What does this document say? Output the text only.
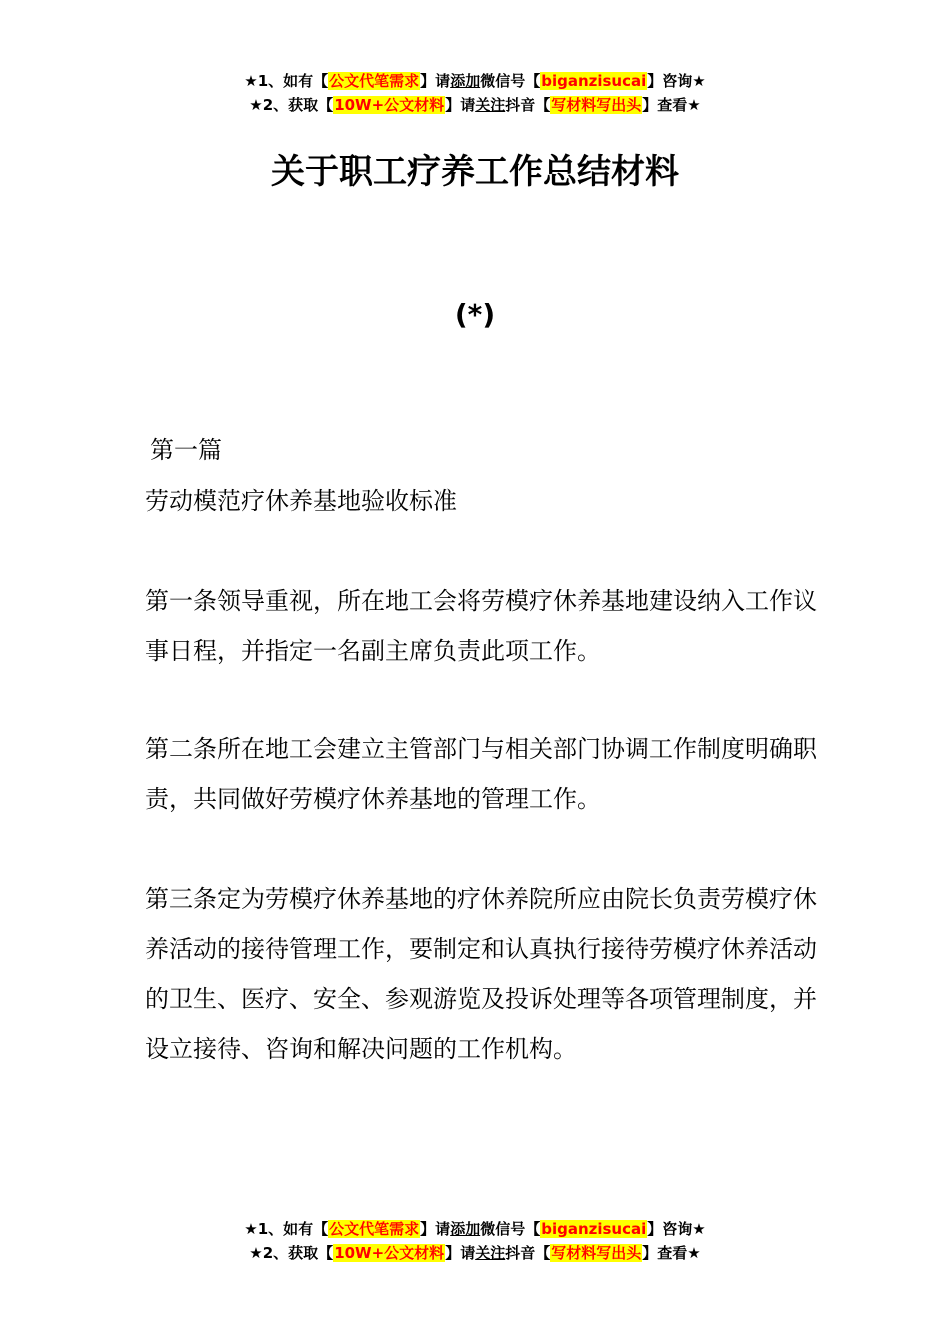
★1、如有【公文代笔需求】请添加微信号【biganzisucai】咨询★
★2、获取【10W+公文材料】请关注抖音【写材料写出头】查看★
关于职工疗养工作总结材料
(*)
第一篇
劳动模范疗休养基地验收标准

第一条领导重视，所在地工会将劳模疗休养基地建设纳入工作议事日程，并指定一名副主席负责此项工作。

第二条所在地工会建立主管部门与相关部门协调工作制度明确职责，共同做好劳模疗休养基地的管理工作。

第三条定为劳模疗休养基地的疗休养院所应由院长负责劳模疗休养活动的接待管理工作，要制定和认真执行接待劳模疗休养活动的卫生、医疗、安全、参观游览及投诉处理等各项管理制度，并设立接待、咨询和解决问题的工作机构。

★1、如有【公文代笔需求】请添加微信号【biganzisucai】咨询★
★2、获取【10W+公文材料】请关注抖音【写材料写出头】查看★
